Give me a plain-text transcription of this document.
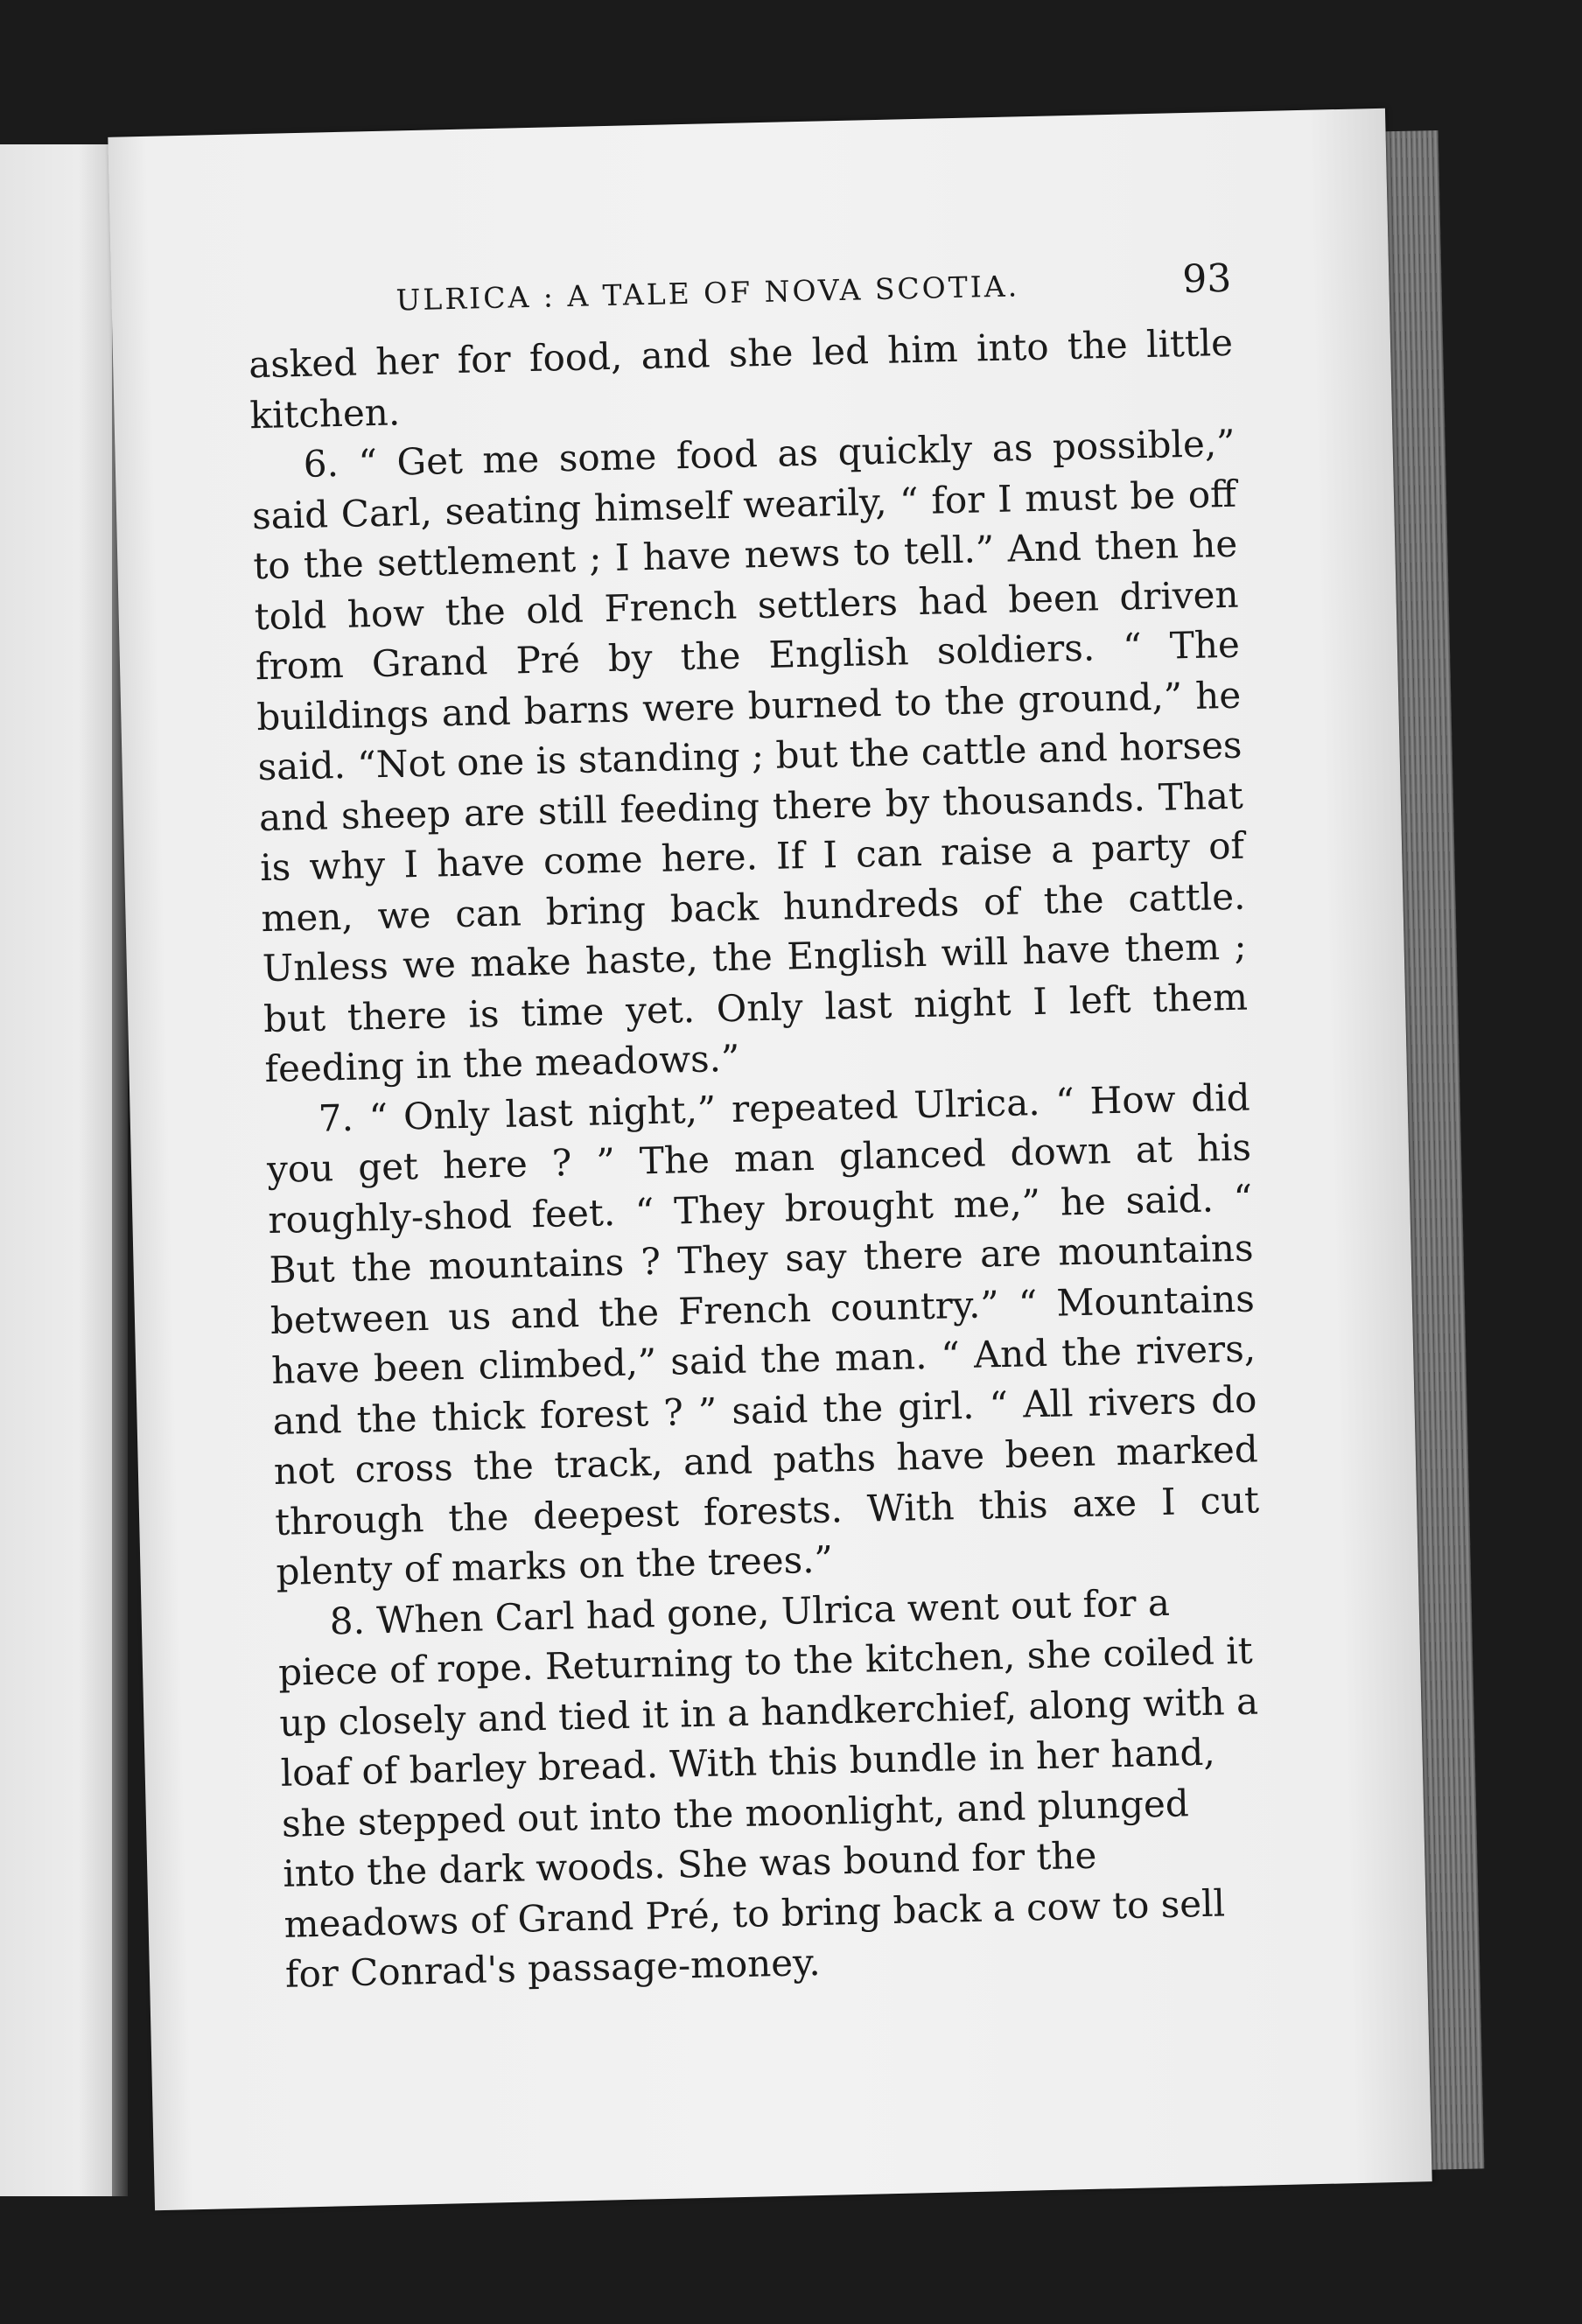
ULRICA : A TALE OF NOVA SCOTIA.	93

asked her for food, and she led him into the little kitchen.

6. “ Get me some food as quickly as possible,” said Carl, seating himself wearily, “ for I must be off to the settlement ; I have news to tell.” And then he told how the old French settlers had been driven from Grand Pré by the English soldiers. “ The buildings and barns were burned to the ground,” he said. “Not one is standing ; but the cattle and horses and sheep are still feeding there by thousands. That is why I have come here. If I can raise a party of men, we can bring back hundreds of the cattle. Unless we make haste, the English will have them ; but there is time yet. Only last night I left them feeding in the meadows.”

7. “ Only last night,” repeated Ulrica. “ How did you get here ? ” The man glanced down at his roughly-shod feet. “ They brought me,” he said. “ But the mountains ? They say there are mountains between us and the French country.” “ Mountains have been climbed,” said the man. “ And the rivers, and the thick forest ? ” said the girl. “ All rivers do not cross the track, and paths have been marked through the deepest forests. With this axe I cut plenty of marks on the trees.”

8. When Carl had gone, Ulrica went out for a piece of rope. Returning to the kitchen, she coiled it up closely and tied it in a handkerchief, along with a loaf of barley bread. With this bundle in her hand, she stepped out into the moonlight, and plunged into the dark woods. She was bound for the meadows of Grand Pré, to bring back a cow to sell for Conrad's passage-money.
